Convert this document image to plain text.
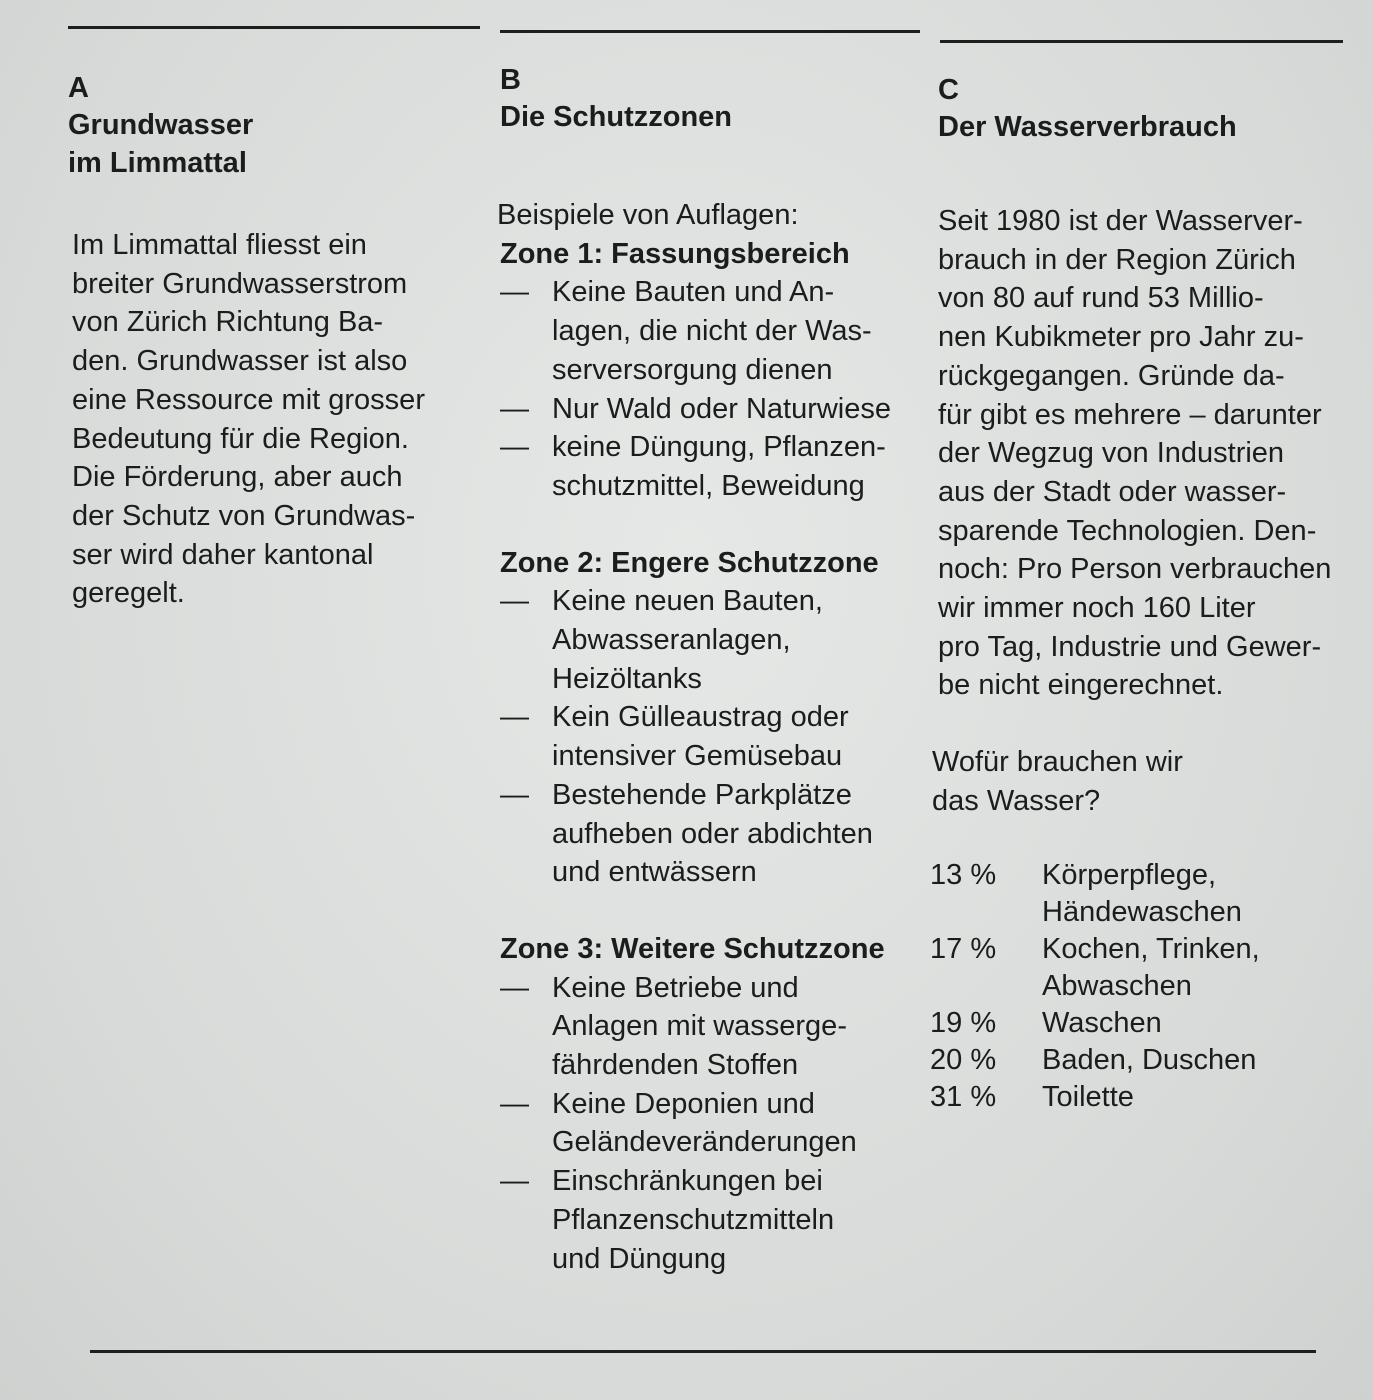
A
Grundwasser
im Limmattal
Im Limmattal fliesst ein
breiter Grundwasserstrom
von Zürich Richtung Ba-
den. Grundwasser ist also
eine Ressource mit grosser
Bedeutung für die Region.
Die Förderung, aber auch
der Schutz von Grundwas-
ser wird daher kantonal
geregelt.
B
Die Schutzzonen
Beispiele von Auflagen:
Zone 1: Fassungsbereich
— Keine Bauten und An-
lagen, die nicht der Was-
serversorgung dienen
— Nur Wald oder Naturwiese
— keine Düngung, Pflanzen-
schutzmittel, Beweidung
Zone 2: Engere Schutzzone
— Keine neuen Bauten,
Abwasseranlagen,
Heizöltanks
— Kein Gülleaustrag oder
intensiver Gemüsebau
— Bestehende Parkplätze
aufheben oder abdichten
und entwässern
Zone 3: Weitere Schutzzone
— Keine Betriebe und
Anlagen mit wasserge-
fährdenden Stoffen
— Keine Deponien und
Geländeveränderungen
— Einschränkungen bei
Pflanzenschutzmitteln
und Düngung
C
Der Wasserverbrauch
Seit 1980 ist der Wasserver-
brauch in der Region Zürich
von 80 auf rund 53 Millio-
nen Kubikmeter pro Jahr zu-
rückgegangen. Gründe da-
für gibt es mehrere – darunter
der Wegzug von Industrien
aus der Stadt oder wasser-
sparende Technologien. Den-
noch: Pro Person verbrauchen
wir immer noch 160 Liter
pro Tag, Industrie und Gewer-
be nicht eingerechnet.
Wofür brauchen wir
das Wasser?
13 %	Körperpflege,
Händewaschen
17 %	Kochen, Trinken,
Abwaschen
19 %	Waschen
20 %	Baden, Duschen
31 %	Toilette
